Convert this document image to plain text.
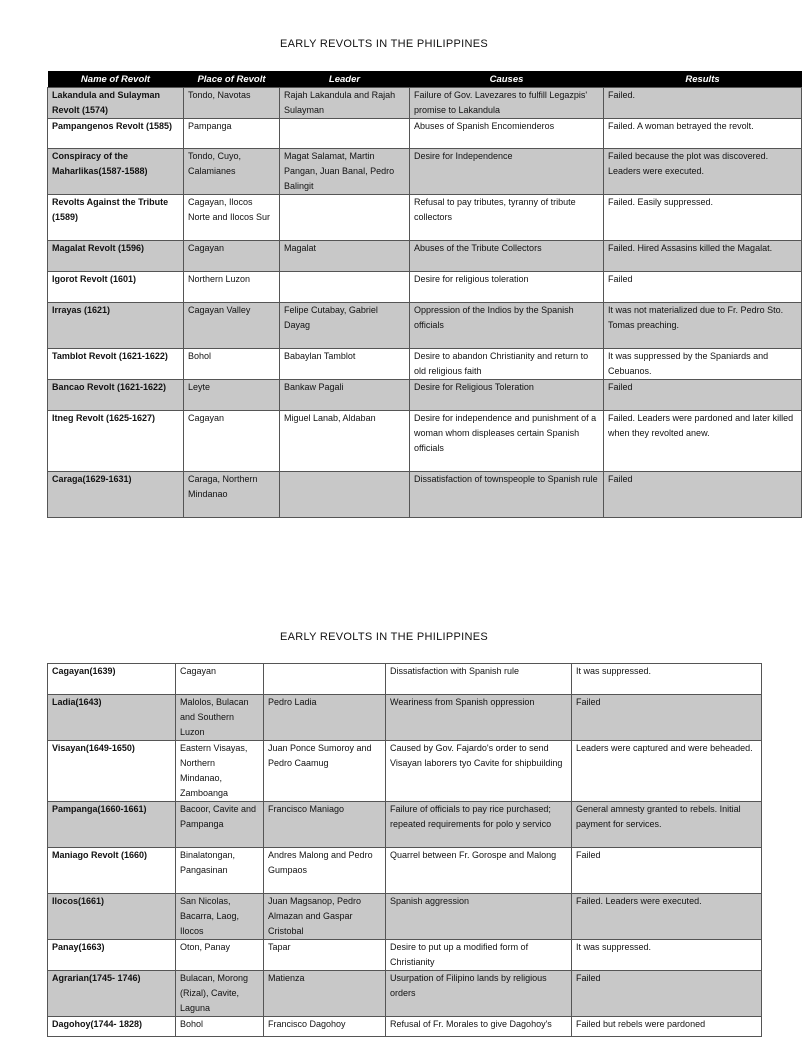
EARLY REVOLTS IN THE PHILIPPINES
Name of Revolt	Place of Revolt	Leader	Causes	Results
Lakandula and Sulayman Revolt (1574)	Tondo, Navotas	Rajah Lakandula and Rajah Sulayman	Failure of Gov. Lavezares to fulfill Legazpis' promise to Lakandula	Failed.
Pampangenos Revolt (1585)	Pampanga		Abuses of Spanish Encomienderos	Failed. A woman betrayed the revolt.
Conspiracy of the Maharlikas(1587-1588)	Tondo, Cuyo, Calamianes	Magat Salamat, Martin Pangan, Juan Banal, Pedro Balingit	Desire for Independence	Failed because the plot was discovered. Leaders were executed.
Revolts Against the Tribute (1589)	Cagayan, Ilocos Norte and Ilocos Sur		Refusal to pay tributes, tyranny of tribute collectors	Failed. Easily suppressed.
Magalat Revolt (1596)	Cagayan	Magalat	Abuses of the Tribute Collectors	Failed. Hired Assasins killed the Magalat.
Igorot Revolt (1601)	Northern Luzon		Desire for religious toleration	Failed
Irrayas (1621)	Cagayan Valley	Felipe Cutabay, Gabriel Dayag	Oppression of the Indios by the Spanish officials	It was not materialized due to Fr. Pedro Sto. Tomas preaching.
Tamblot Revolt (1621-1622)	Bohol	Babaylan Tamblot	Desire to abandon Christianity and return to old religious faith	It was suppressed by the Spaniards and Cebuanos.
Bancao Revolt (1621-1622)	Leyte	Bankaw Pagali	Desire for Religious Toleration	Failed
Itneg Revolt (1625-1627)	Cagayan	Miguel Lanab, Aldaban	Desire for independence and punishment of a woman whom displeases certain Spanish officials	Failed. Leaders were pardoned and later killed when they revolted anew.
Caraga(1629-1631)	Caraga, Northern Mindanao		Dissatisfaction of townspeople to Spanish rule	Failed
EARLY REVOLTS IN THE PHILIPPINES
Cagayan(1639)	Cagayan		Dissatisfaction with Spanish rule	It was suppressed.
Ladia(1643)	Malolos, Bulacan and Southern Luzon	Pedro Ladia	Weariness from Spanish oppression	Failed
Visayan(1649-1650)	Eastern Visayas, Northern Mindanao, Zamboanga	Juan Ponce Sumoroy and Pedro Caamug	Caused by Gov. Fajardo's order to send Visayan laborers tyo Cavite for shipbuilding	Leaders were captured and were beheaded.
Pampanga(1660-1661)	Bacoor, Cavite and Pampanga	Francisco Maniago	Failure of officials to pay rice purchased; repeated requirements for polo y servico	General amnesty granted to rebels. Initial payment for services.
Maniago Revolt (1660)	Binalatongan, Pangasinan	Andres Malong and Pedro Gumpaos	Quarrel between Fr. Gorospe and Malong	Failed
Ilocos(1661)	San Nicolas, Bacarra, Laog, Ilocos	Juan Magsanop, Pedro Almazan and Gaspar Cristobal	Spanish aggression	Failed. Leaders were executed.
Panay(1663)	Oton, Panay	Tapar	Desire to put up a modified form of Christianity	It was suppressed.
Agrarian(1745- 1746)	Bulacan, Morong (Rizal), Cavite, Laguna	Matienza	Usurpation of Filipino lands by religious orders	Failed
Dagohoy(1744- 1828)	Bohol	Francisco Dagohoy	Refusal of Fr. Morales to give Dagohoy's	Failed but rebels were pardoned
